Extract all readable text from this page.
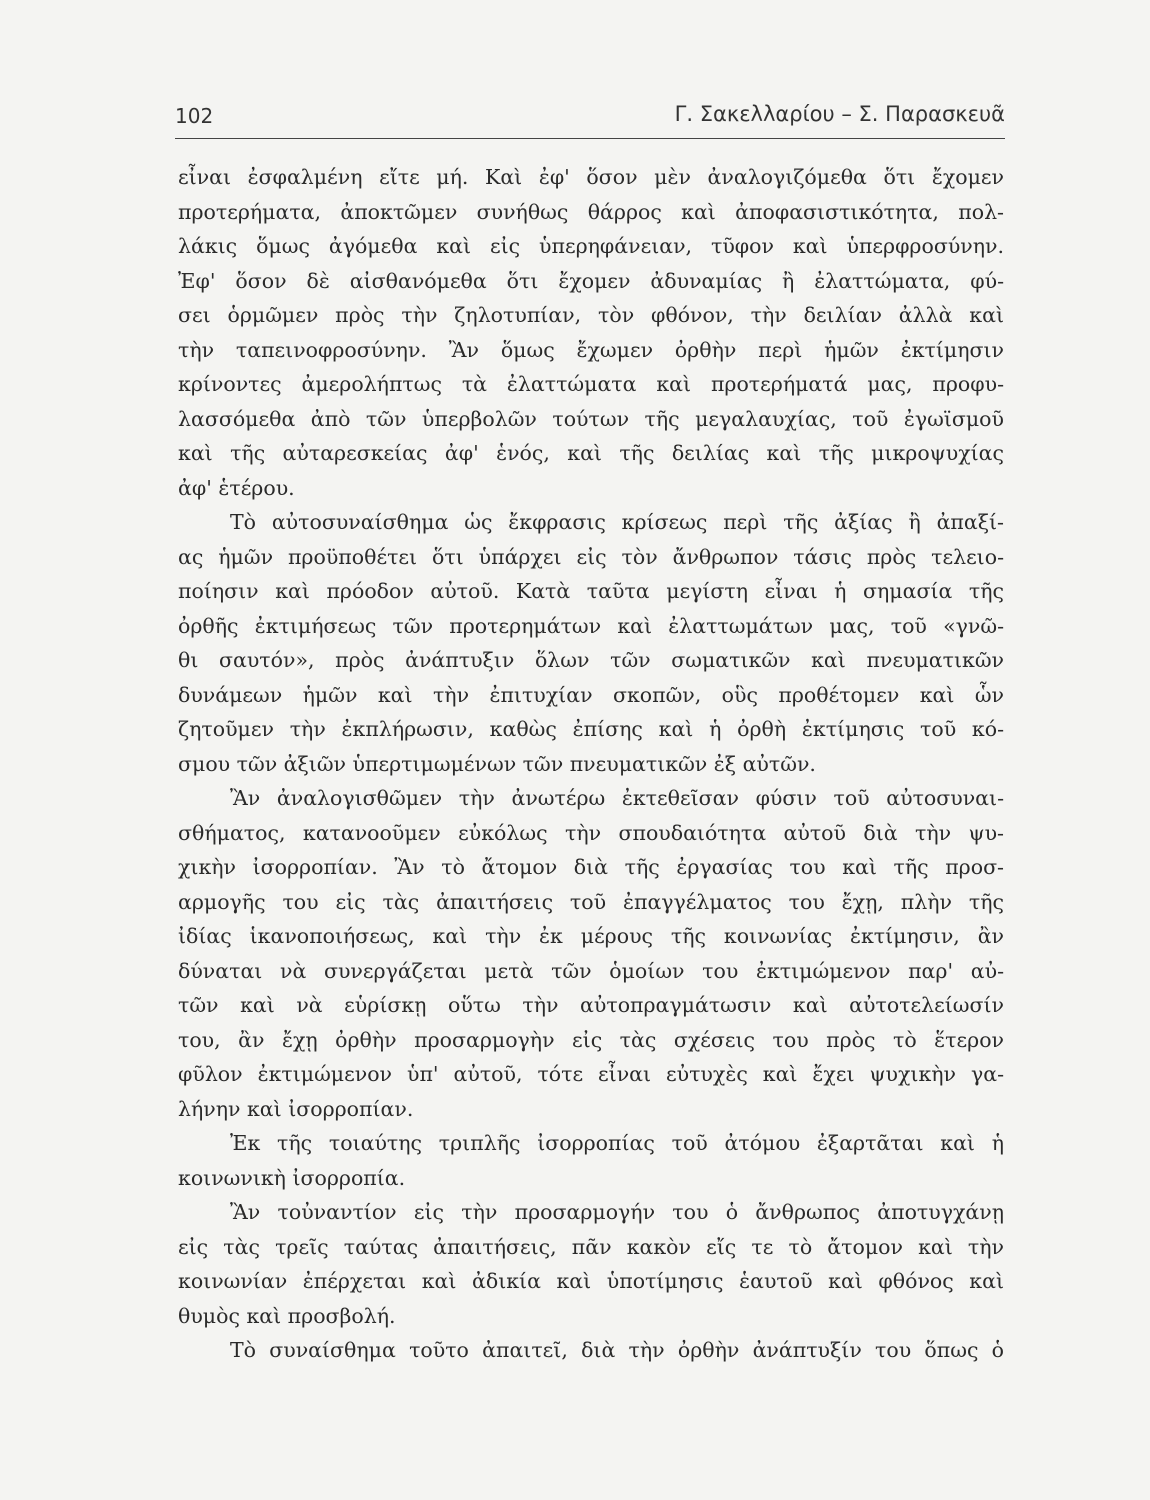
102	Γ. Σακελλαρίου – Σ. Παρασκευᾶ
εἶναι ἐσφαλμένη εἴτε μή. Καὶ ἐφ' ὅσον μὲν ἀναλογιζόμεθα ὅτι ἔχομεν
προτερήματα, ἀποκτῶμεν συνήθως θάρρος καὶ ἀποφασιστικότητα, πολ-
λάκις ὅμως ἀγόμεθα καὶ εἰς ὑπερηφάνειαν, τῦφον καὶ ὑπερφροσύνην.
Ἐφ' ὅσον δὲ αἰσθανόμεθα ὅτι ἔχομεν ἀδυναμίας ἢ ἐλαττώματα, φύ-
σει ὁρμῶμεν πρὸς τὴν ζηλοτυπίαν, τὸν φθόνον, τὴν δειλίαν ἀλλὰ καὶ
τὴν ταπεινοφροσύνην. Ἂν ὅμως ἔχωμεν ὀρθὴν περὶ ἡμῶν ἐκτίμησιν
κρίνοντες ἀμερολήπτως τὰ ἐλαττώματα καὶ προτερήματά μας, προφυ-
λασσόμεθα ἀπὸ τῶν ὑπερβολῶν τούτων τῆς μεγαλαυχίας, τοῦ ἐγωϊσμοῦ
καὶ τῆς αὐταρεσκείας ἀφ' ἑνός, καὶ τῆς δειλίας καὶ τῆς μικροψυχίας
ἀφ' ἑτέρου.
Τὸ αὐτοσυναίσθημα ὡς ἔκφρασις κρίσεως περὶ τῆς ἀξίας ἢ ἀπαξί-
ας ἡμῶν προϋποθέτει ὅτι ὑπάρχει εἰς τὸν ἄνθρωπον τάσις πρὸς τελειο-
ποίησιν καὶ πρόοδον αὐτοῦ. Κατὰ ταῦτα μεγίστη εἶναι ἡ σημασία τῆς
ὀρθῆς ἐκτιμήσεως τῶν προτερημάτων καὶ ἐλαττωμάτων μας, τοῦ «γνῶ-
θι σαυτόν», πρὸς ἀνάπτυξιν ὅλων τῶν σωματικῶν καὶ πνευματικῶν
δυνάμεων ἡμῶν καὶ τὴν ἐπιτυχίαν σκοπῶν, οὓς προθέτομεν καὶ ὧν
ζητοῦμεν τὴν ἐκπλήρωσιν, καθὼς ἐπίσης καὶ ἡ ὀρθὴ ἐκτίμησις τοῦ κό-
σμου τῶν ἀξιῶν ὑπερτιμωμένων τῶν πνευματικῶν ἐξ αὐτῶν.
Ἂν ἀναλογισθῶμεν τὴν ἀνωτέρω ἐκτεθεῖσαν φύσιν τοῦ αὐτοσυναι-
σθήματος, κατανοοῦμεν εὐκόλως τὴν σπουδαιότητα αὐτοῦ διὰ τὴν ψυ-
χικὴν ἰσορροπίαν. Ἂν τὸ ἄτομον διὰ τῆς ἐργασίας του καὶ τῆς προσ-
αρμογῆς του εἰς τὰς ἀπαιτήσεις τοῦ ἐπαγγέλματος του ἔχῃ, πλὴν τῆς
ἰδίας ἱκανοποιήσεως, καὶ τὴν ἐκ μέρους τῆς κοινωνίας ἐκτίμησιν, ἂν
δύναται νὰ συνεργάζεται μετὰ τῶν ὁμοίων του ἐκτιμώμενον παρ' αὐ-
τῶν καὶ νὰ εὑρίσκῃ οὕτω τὴν αὐτοπραγμάτωσιν καὶ αὐτοτελείωσίν
του, ἂν ἔχῃ ὀρθὴν προσαρμογὴν εἰς τὰς σχέσεις του πρὸς τὸ ἕτερον
φῦλον ἐκτιμώμενον ὑπ' αὐτοῦ, τότε εἶναι εὐτυχὲς καὶ ἔχει ψυχικὴν γα-
λήνην καὶ ἰσορροπίαν.
Ἐκ τῆς τοιαύτης τριπλῆς ἰσορροπίας τοῦ ἀτόμου ἐξαρτᾶται καὶ ἡ
κοινωνικὴ ἰσορροπία.
Ἂν τοὐναντίον εἰς τὴν προσαρμογήν του ὁ ἄνθρωπος ἀποτυγχάνῃ
εἰς τὰς τρεῖς ταύτας ἀπαιτήσεις, πᾶν κακὸν εἴς τε τὸ ἄτομον καὶ τὴν
κοινωνίαν ἐπέρχεται καὶ ἀδικία καὶ ὑποτίμησις ἑαυτοῦ καὶ φθόνος καὶ
θυμὸς καὶ προσβολή.
Τὸ συναίσθημα τοῦτο ἀπαιτεῖ, διὰ τὴν ὀρθὴν ἀνάπτυξίν του ὅπως ὁ
